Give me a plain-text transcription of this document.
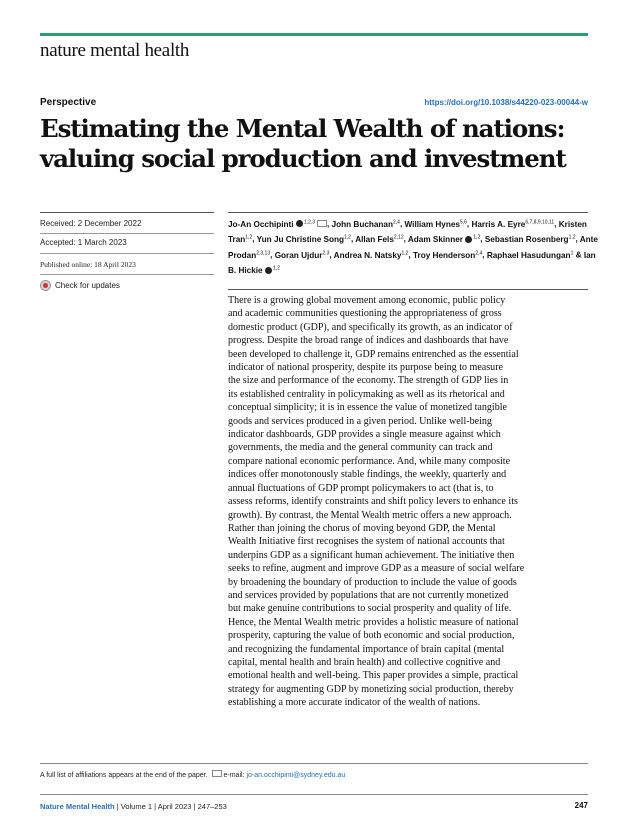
nature mental health
Perspective	https://doi.org/10.1038/s44220-023-00044-w
Estimating the Mental Wealth of nations:
valuing social production and investment
Received: 2 December 2022
Accepted: 1 March 2023
Published online: 18 April 2023
Check for updates
Jo-An Occhipinti $^{1,2,3}$ , John Buchanan$^{2,4}$, William Hynes$^{5,6}$, Harris A. Eyre$^{6,7,8,9,10,11}$, Kristen Tran$^{1,2}$, Yun Ju Christine Song$^{1,2}$, Allan Fels$^{2,12}$, Adam Skinner $^{1,2}$, Sebastian Rosenberg$^{1,2}$, Ante Prodan$^{2,3,13}$, Goran Ujdur$^{2,3}$, Andrea N. Natsky$^{1,2}$, Troy Henderson$^{2,4}$, Raphael Hasudungan$^1$ & Ian B. Hickie $^{1,2}$
There is a growing global movement among economic, public policy
and academic communities questioning the appropriateness of gross
domestic product (GDP), and specifically its growth, as an indicator of
progress. Despite the broad range of indices and dashboards that have
been developed to challenge it, GDP remains entrenched as the essential
indicator of national prosperity, despite its purpose being to measure
the size and performance of the economy. The strength of GDP lies in
its established centrality in policymaking as well as its rhetorical and
conceptual simplicity; it is in essence the value of monetized tangible
goods and services produced in a given period. Unlike well-being
indicator dashboards, GDP provides a single measure against which
governments, the media and the general community can track and
compare national economic performance. And, while many composite
indices offer monotonously stable findings, the weekly, quarterly and
annual fluctuations of GDP prompt policymakers to act (that is, to
assess reforms, identify constraints and shift policy levers to enhance its
growth). By contrast, the Mental Wealth metric offers a new approach.
Rather than joining the chorus of moving beyond GDP, the Mental
Wealth Initiative first recognises the system of national accounts that
underpins GDP as a significant human achievement. The initiative then
seeks to refine, augment and improve GDP as a measure of social welfare
by broadening the boundary of production to include the value of goods
and services provided by populations that are not currently monetized
but make genuine contributions to social prosperity and quality of life.
Hence, the Mental Wealth metric provides a holistic measure of national
prosperity, capturing the value of both economic and social production,
and recognizing the fundamental importance of brain capital (mental
capital, mental health and brain health) and collective cognitive and
emotional health and well-being. This paper provides a simple, practical
strategy for augmenting GDP by monetizing social production, thereby
establishing a more accurate indicator of the wealth of nations.
A full list of affiliations appears at the end of the paper. e-mail: jo-an.occhipinti@sydney.edu.au
Nature Mental Health | Volume 1 | April 2023 | 247–253	247
